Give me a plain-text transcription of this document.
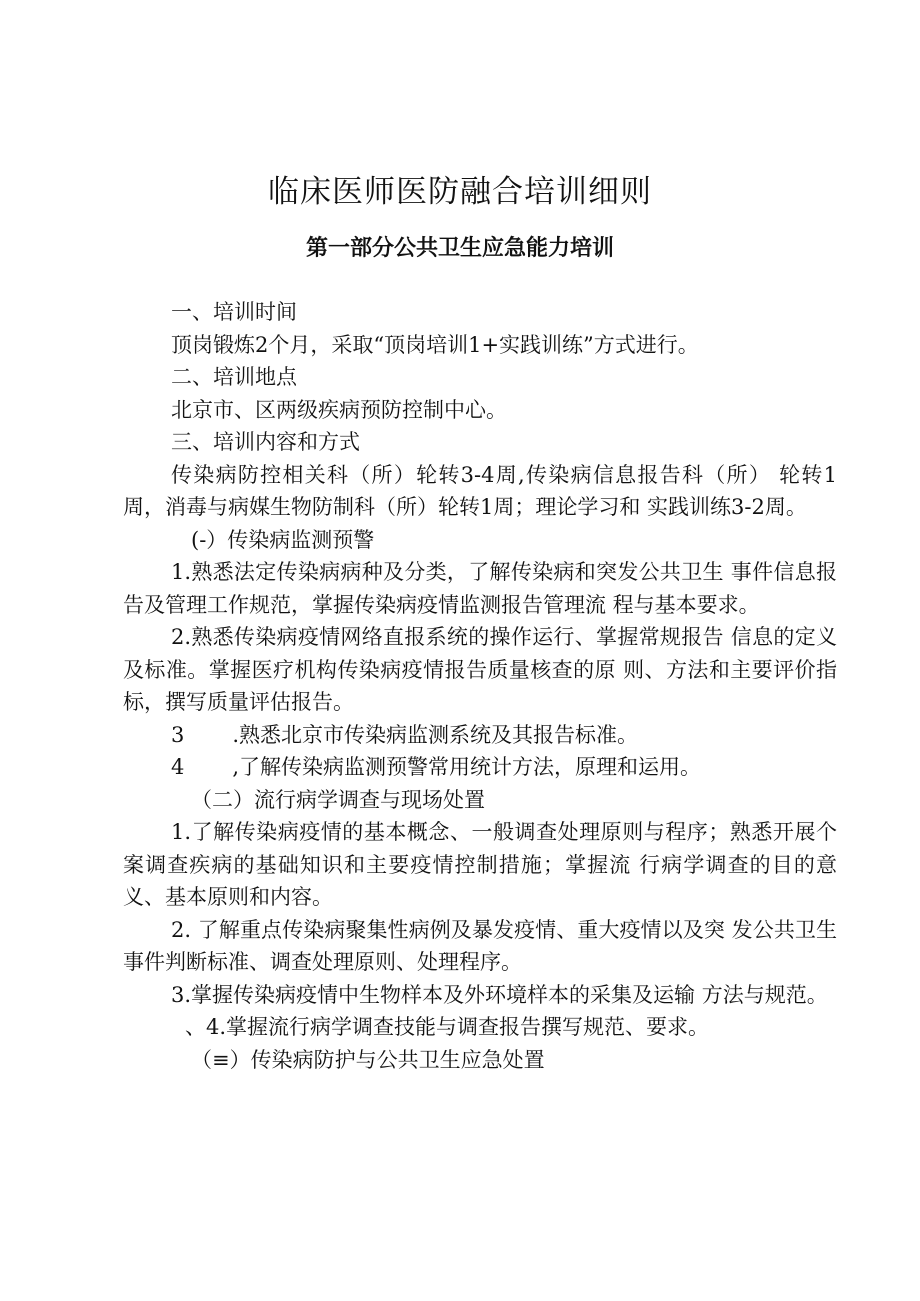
临床医师医防融合培训细则
第一部分公共卫生应急能力培训

一、培训时间

顶岗锻炼2个月，采取“顶岗培训1+实践训练”方式进行。

二、培训地点

北京市、区两级疾病预防控制中心。

三、培训内容和方式

传染病防控相关科（所）轮转3-4周,传染病信息报告科（所） 轮转1周，消毒与病媒生物防制科（所）轮转1周；理论学习和 实践训练3-2周。

(-）传染病监测预警

1.熟悉法定传染病病种及分类，了解传染病和突发公共卫生 事件信息报告及管理工作规范，掌握传染病疫情监测报告管理流 程与基本要求。

2.熟悉传染病疫情网络直报系统的操作运行、掌握常规报告 信息的定义及标准。掌握医疗机构传染病疫情报告质量核查的原 则、方法和主要评价指标，撰写质量评估报告。

3 .熟悉北京市传染病监测系统及其报告标准。

4 ,了解传染病监测预警常用统计方法，原理和运用。

（二）流行病学调查与现场处置

1.了解传染病疫情的基本概念、一般调查处理原则与程序；熟悉开展个案调查疾病的基础知识和主要疫情控制措施；掌握流 行病学调查的目的意义、基本原则和内容。

2. 了解重点传染病聚集性病例及暴发疫情、重大疫情以及突 发公共卫生事件判断标准、调查处理原则、处理程序。

3.掌握传染病疫情中生物样本及外环境样本的采集及运输 方法与规范。

、4.掌握流行病学调查技能与调查报告撰写规范、要求。

（≡）传染病防护与公共卫生应急处置
